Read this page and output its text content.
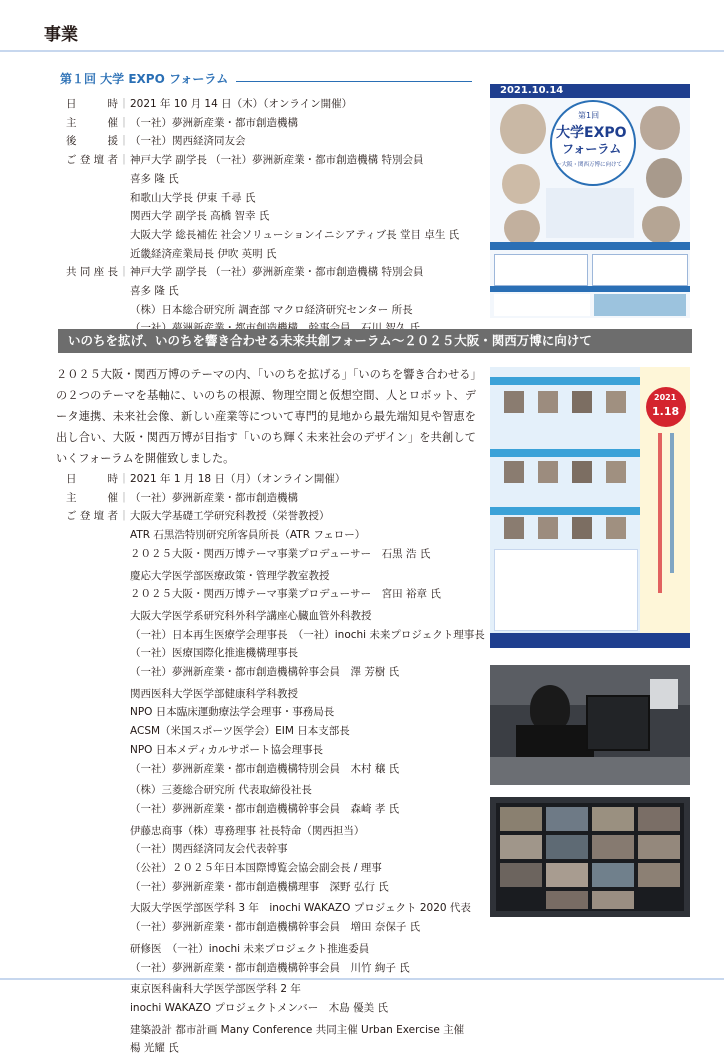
事業
第１回 大学 EXPO フォーラム
日時 ｜ 2021 年 10 月 14 日（木）（オンライン開催）
主催 ｜ （一社）夢洲新産業・都市創造機構
後援 ｜ （一社）関西経済同友会
ご登壇者 ｜ 神戸大学 副学長 （一社）夢洲新産業・都市創造機構 特別会員
喜多 隆 氏
和歌山大学長 伊東 千尋 氏
関西大学 副学長 高橋 智幸 氏
大阪大学 総長補佐 社会ソリューションイニシアティブ長 堂目 卓生 氏
近畿経済産業局長 伊吹 英明 氏
共同座長 ｜ 神戸大学 副学長 （一社）夢洲新産業・都市創造機構 特別会員
喜多 隆 氏
（株）日本総合研究所 調査部 マクロ経済研究センター 所長
2021.10.14
第1回
大学EXPO
フォーラム
～大阪・関西万博に向けて
いのちを拡げ、いのちを響き合わせる未来共創フォーラム～２０２５大阪・関西万博に向けて

２０２５大阪・関西万博のテーマの内、「いのちを拡げる」「いのちを響き合わせる」の２つのテーマを基軸に、いのちの根源、物理空間と仮想空間、人とロボット、データ連携、未来社会像、新しい産業等について専門的見地から最先端知見や智恵を出し合い、大阪・関西万博が目指す「いのち輝く未来社会のデザイン」を共創していくフォーラムを開催致しました。

日時 ｜ 2021 年 1 月 18 日（月）（オンライン開催）
主催 ｜ （一社）夢洲新産業・都市創造機構
ご登壇者 ｜ 大阪大学基礎工学研究科教授（栄誉教授）
ATR 石黒浩特別研究所客員所長（ATR フェロー）
２０２５大阪・関西万博テーマ事業プロデューサー　石黒 浩 氏
慶応大学医学部医療政策・管理学教室教授
２０２５大阪・関西万博テーマ事業プロデューサー　宮田 裕章 氏
大阪大学医学系研究科外科学講座心臓血管外科教授
（一社）日本再生医療学会理事長　（一社）inochi 未来プロジェクト理事長
（一社）医療国際化推進機構理事長
（一社）夢洲新産業・都市創造機構幹事会員　澤 芳樹 氏
関西医科大学医学部健康科学科教授
NPO 日本臨床運動療法学会理事・事務局長
ACSM（米国スポーツ医学会）EIM 日本支部長
NPO 日本メディカルサポート協会理事長
（一社）夢洲新産業・都市創造機構特別会員　木村 穣 氏
（株）三菱総合研究所 代表取締役社長
（一社）夢洲新産業・都市創造機構幹事会員　森崎 孝 氏
伊藤忠商事（株）専務理事 社長特命（関西担当）
（一社）関西経済同友会代表幹事
（公社）２０２５年日本国際博覧会協会副会長 / 理事
（一社）夢洲新産業・都市創造機構理事　深野 弘行 氏
大阪大学医学部医学科 3 年　inochi WAKAZO プロジェクト 2020 代表
（一社）夢洲新産業・都市創造機構幹事会員　増田 奈保子 氏
研修医　（一社）inochi 未来プロジェクト推進委員
（一社）夢洲新産業・都市創造機構幹事会員　川竹 絢子 氏
東京医科歯科大学医学部医学科 2 年
inochi WAKAZO プロジェクトメンバー　木島 優美 氏
建築設計 都市計画 Many Conference 共同主催 Urban Exercise 主催
楊 光耀 氏
2021
1.18
